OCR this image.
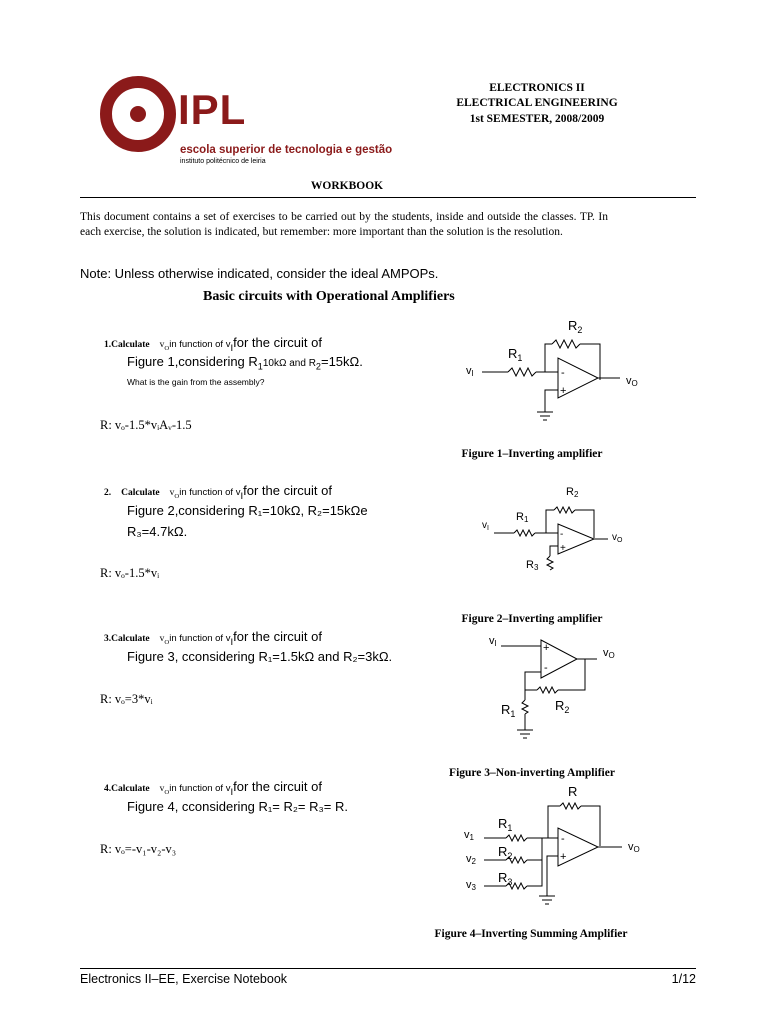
IPL
escola superior de tecnologia e gestão
instituto politécnico de leiria
ELECTRONICS II
ELECTRICAL ENGINEERING
1st SEMESTER, 2008/2009
WORKBOOK
This document contains a set of exercises to be carried out by the students, inside and outside the classes. TP. In each exercise, the solution is indicated, but remember: more important than the solution is the resolution.
Note: Unless otherwise indicated, consider the ideal AMPOPs.
Basic circuits with Operational Amplifiers
1.Calculate $v_Oin$ function of $v_Ifor$ the circuit of
Figure 1,considering $R_110k\Omega$ and $R_2=15k\Omega$.
What is the gain from the assembly?
R: vₒ-1.5*vᵢAᵥ-1.5
2. Calculate $v_Oin$ function of $v_Ifor$ the circuit of
Figure 2,considering R₁=10kΩ, R₂=15kΩe
R₃=4.7kΩ.
R: vₒ-1.5*vᵢ
3.Calculate $v_Oin$ function of $v_Ifor$ the circuit of
Figure 3, cconsidering R₁=1.5kΩ and R₂=3kΩ.
R: vₒ=3*vᵢ
4.Calculate $v_Oin$ function of $v_Ifor$ the circuit of
Figure 4, cconsidering R₁= R₂= R₃= R.
R: vₒ=-v₁-v₂-v₃
$R_2$
$R_1$
vI
vO
-
+
Figure 1–Inverting amplifier
R2
R1
R3
$v_I$
$v_O$
-
+
Figure 2–Inverting amplifier
vI
vO
$R_1$
$R_2$
+
-
Figure 3–Non-inverting Amplifier
R
$R_1$
$R_2$
$R_3$
v1
v2
v3
vO
-
+
Figure 4–Inverting Summing Amplifier
Electronics II–EE, Exercise Notebook	1/12
